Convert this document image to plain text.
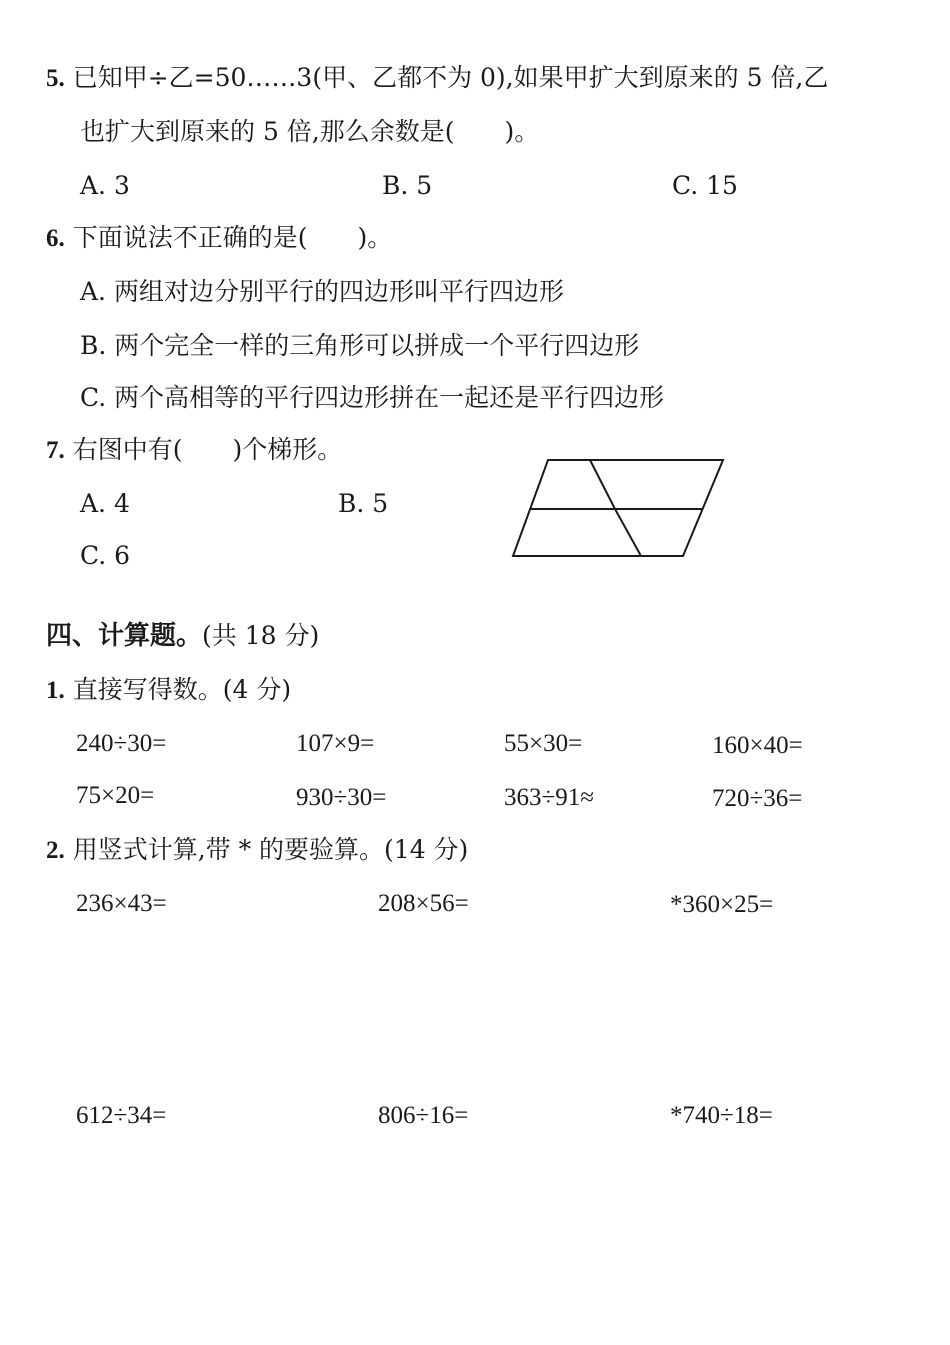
5. 已知甲÷乙=50……3(甲、乙都不为 0),如果甲扩大到原来的 5 倍,乙
也扩大到原来的 5 倍,那么余数是(　　)。
A. 3	B. 5	C. 15
6. 下面说法不正确的是(　　)。
A. 两组对边分别平行的四边形叫平行四边形
B. 两个完全一样的三角形可以拼成一个平行四边形
C. 两个高相等的平行四边形拼在一起还是平行四边形
7. 右图中有(　　)个梯形。
A. 4	B. 5
C. 6
四、计算题。(共 18 分)
1. 直接写得数。(4 分)
240÷30=	107×9=	55×30=	160×40=
75×20=	930÷30=	363÷91≈	720÷36=
2. 用竖式计算,带 * 的要验算。(14 分)
236×43=	208×56=	*360×25=
612÷34=	806÷16=	*740÷18=
